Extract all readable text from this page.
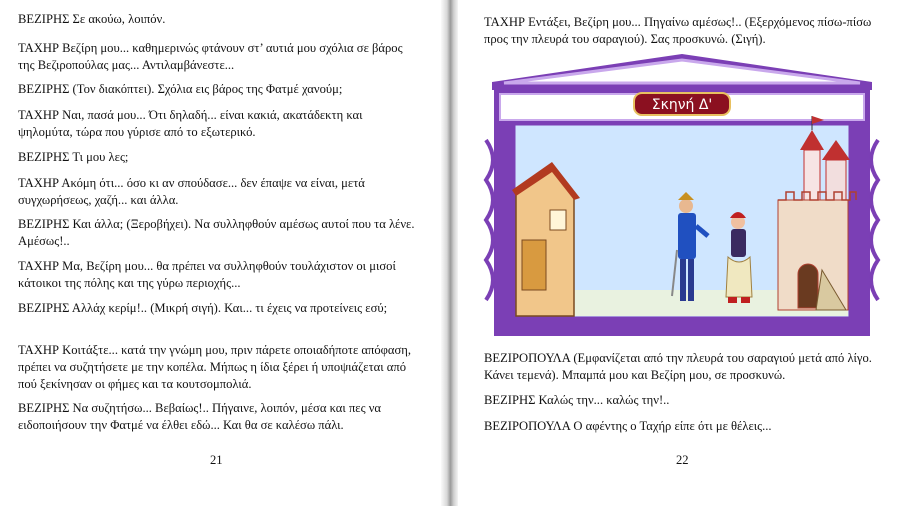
ΒΕΖΙΡΗΣ Σε ακούω, λοιπόν.

ΤΑΧΗΡ Βεζίρη μου... καθημερινώς φτάνουν στ’ αυτιά μου σχόλια σε βάρος της Βεζιροπούλας μας... Αντιλαμβάνεστε...

ΒΕΖΙΡΗΣ (Τον διακόπτει). Σχόλια εις βάρος της Φατμέ χανούμ;

ΤΑΧΗΡ Ναι, πασά μου... Ότι δηλαδή... είναι κακιά, ακατάδεκτη και ψηλομύτα, τώρα που γύρισε από το εξωτερικό.

ΒΕΖΙΡΗΣ Τι μου λες;

ΤΑΧΗΡ Ακόμη ότι... όσο κι αν σπούδασε... δεν έπαψε να είναι, μετά συγχωρήσεως, χαζή... και άλλα.

ΒΕΖΙΡΗΣ Και άλλα; (Ξεροβήχει). Να συλληφθούν αμέσως αυτοί που τα λένε. Αμέσως!..

ΤΑΧΗΡ Μα, Βεζίρη μου... θα πρέπει να συλληφθούν τουλάχιστον οι μισοί κάτοικοι της πόλης και της γύρω περιοχής...

ΒΕΖΙΡΗΣ Αλλάχ κερίμ!.. (Μικρή σιγή). Και... τι έχεις να προτείνεις εσύ;

ΤΑΧΗΡ Κοιτάξτε... κατά την γνώμη μου, πριν πάρετε οποιαδήποτε απόφαση, πρέπει να συζητήσετε με την κοπέλα. Μήπως η ίδια ξέρει ή υποψιάζεται από πού ξεκίνησαν οι φήμες και τα κουτσομπολιά.

ΒΕΖΙΡΗΣ Να συζητήσω... Βεβαίως!.. Πήγαινε, λοιπόν, μέσα και πες να ειδοποιήσουν την Φατμέ να έλθει εδώ... Και θα σε καλέσω πάλι.

21

ΤΑΧΗΡ Εντάξει, Βεζίρη μου... Πηγαίνω αμέσως!.. (Εξερχόμενος πίσω-πίσω προς την πλευρά του σαραγιού). Σας προσκυνώ. (Σιγή).

Σκηνή Δ'

ΒΕΖΙΡΟΠΟΥΛΑ (Εμφανίζεται από την πλευρά του σαραγιού μετά από λίγο. Κάνει τεμενά). Μπαμπά μου και Βεζίρη μου, σε προσκυνώ.

ΒΕΖΙΡΗΣ Καλώς την... καλώς την!..

ΒΕΖΙΡΟΠΟΥΛΑ Ο αφέντης ο Ταχήρ είπε ότι με θέλεις...

22
